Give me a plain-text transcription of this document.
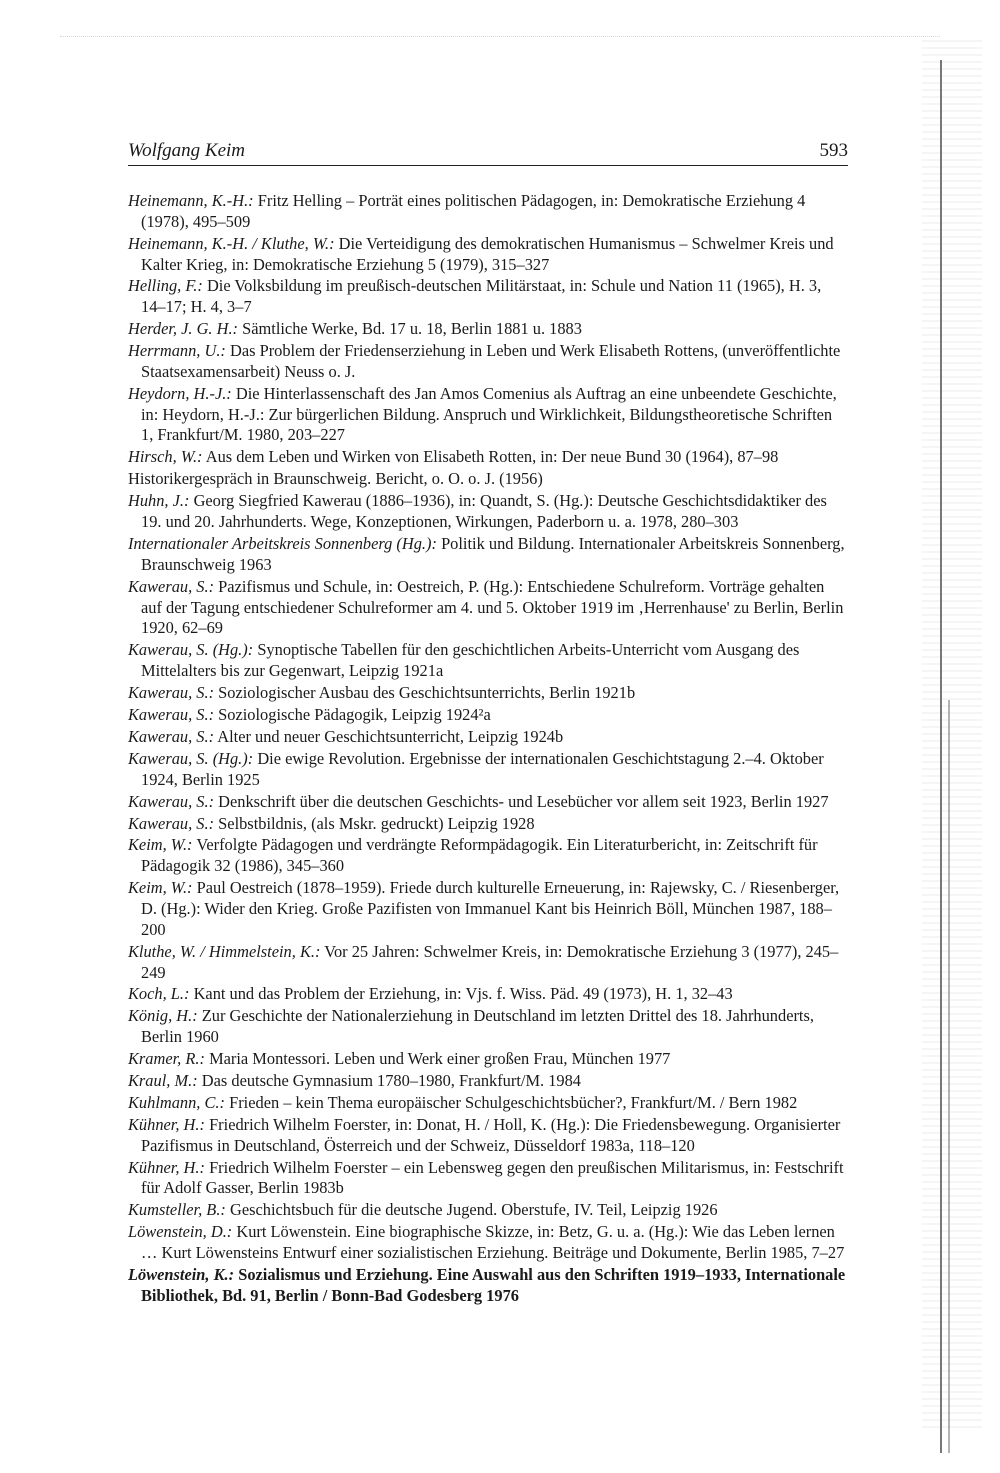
Wolfgang Keim	593
Heinemann, K.-H.: Fritz Helling – Porträt eines politischen Pädagogen, in: Demokratische Erziehung 4 (1978), 495–509
Heinemann, K.-H. / Kluthe, W.: Die Verteidigung des demokratischen Humanismus – Schwelmer Kreis und Kalter Krieg, in: Demokratische Erziehung 5 (1979), 315–327
Helling, F.: Die Volksbildung im preußisch-deutschen Militärstaat, in: Schule und Nation 11 (1965), H. 3, 14–17; H. 4, 3–7
Herder, J. G. H.: Sämtliche Werke, Bd. 17 u. 18, Berlin 1881 u. 1883
Herrmann, U.: Das Problem der Friedenserziehung in Leben und Werk Elisabeth Rottens, (unveröffentlichte Staatsexamensarbeit) Neuss o. J.
Heydorn, H.-J.: Die Hinterlassenschaft des Jan Amos Comenius als Auftrag an eine unbeendete Geschichte, in: Heydorn, H.-J.: Zur bürgerlichen Bildung. Anspruch und Wirklichkeit, Bildungstheoretische Schriften 1, Frankfurt/M. 1980, 203–227
Hirsch, W.: Aus dem Leben und Wirken von Elisabeth Rotten, in: Der neue Bund 30 (1964), 87–98
Historikergespräch in Braunschweig. Bericht, o. O. o. J. (1956)
Huhn, J.: Georg Siegfried Kawerau (1886–1936), in: Quandt, S. (Hg.): Deutsche Geschichtsdidaktiker des 19. und 20. Jahrhunderts. Wege, Konzeptionen, Wirkungen, Paderborn u. a. 1978, 280–303
Internationaler Arbeitskreis Sonnenberg (Hg.): Politik und Bildung. Internationaler Arbeitskreis Sonnenberg, Braunschweig 1963
Kawerau, S.: Pazifismus und Schule, in: Oestreich, P. (Hg.): Entschiedene Schulreform. Vorträge gehalten auf der Tagung entschiedener Schulreformer am 4. und 5. Oktober 1919 im ‚Herrenhause' zu Berlin, Berlin 1920, 62–69
Kawerau, S. (Hg.): Synoptische Tabellen für den geschichtlichen Arbeits-Unterricht vom Ausgang des Mittelalters bis zur Gegenwart, Leipzig 1921a
Kawerau, S.: Soziologischer Ausbau des Geschichtsunterrichts, Berlin 1921b
Kawerau, S.: Soziologische Pädagogik, Leipzig 1924²a
Kawerau, S.: Alter und neuer Geschichtsunterricht, Leipzig 1924b
Kawerau, S. (Hg.): Die ewige Revolution. Ergebnisse der internationalen Geschichtstagung 2.–4. Oktober 1924, Berlin 1925
Kawerau, S.: Denkschrift über die deutschen Geschichts- und Lesebücher vor allem seit 1923, Berlin 1927
Kawerau, S.: Selbstbildnis, (als Mskr. gedruckt) Leipzig 1928
Keim, W.: Verfolgte Pädagogen und verdrängte Reformpädagogik. Ein Literaturbericht, in: Zeitschrift für Pädagogik 32 (1986), 345–360
Keim, W.: Paul Oestreich (1878–1959). Friede durch kulturelle Erneuerung, in: Rajewsky, C. / Riesenberger, D. (Hg.): Wider den Krieg. Große Pazifisten von Immanuel Kant bis Heinrich Böll, München 1987, 188–200
Kluthe, W. / Himmelstein, K.: Vor 25 Jahren: Schwelmer Kreis, in: Demokratische Erziehung 3 (1977), 245–249
Koch, L.: Kant und das Problem der Erziehung, in: Vjs. f. Wiss. Päd. 49 (1973), H. 1, 32–43
König, H.: Zur Geschichte der Nationalerziehung in Deutschland im letzten Drittel des 18. Jahrhunderts, Berlin 1960
Kramer, R.: Maria Montessori. Leben und Werk einer großen Frau, München 1977
Kraul, M.: Das deutsche Gymnasium 1780–1980, Frankfurt/M. 1984
Kuhlmann, C.: Frieden – kein Thema europäischer Schulgeschichtsbücher?, Frankfurt/M. / Bern 1982
Kühner, H.: Friedrich Wilhelm Foerster, in: Donat, H. / Holl, K. (Hg.): Die Friedensbewegung. Organisierter Pazifismus in Deutschland, Österreich und der Schweiz, Düsseldorf 1983a, 118–120
Kühner, H.: Friedrich Wilhelm Foerster – ein Lebensweg gegen den preußischen Militarismus, in: Festschrift für Adolf Gasser, Berlin 1983b
Kumsteller, B.: Geschichtsbuch für die deutsche Jugend. Oberstufe, IV. Teil, Leipzig 1926
Löwenstein, D.: Kurt Löwenstein. Eine biographische Skizze, in: Betz, G. u. a. (Hg.): Wie das Leben lernen … Kurt Löwensteins Entwurf einer sozialistischen Erziehung. Beiträge und Dokumente, Berlin 1985, 7–27
Löwenstein, K.: Sozialismus und Erziehung. Eine Auswahl aus den Schriften 1919–1933, Internationale Bibliothek, Bd. 91, Berlin / Bonn-Bad Godesberg 1976
